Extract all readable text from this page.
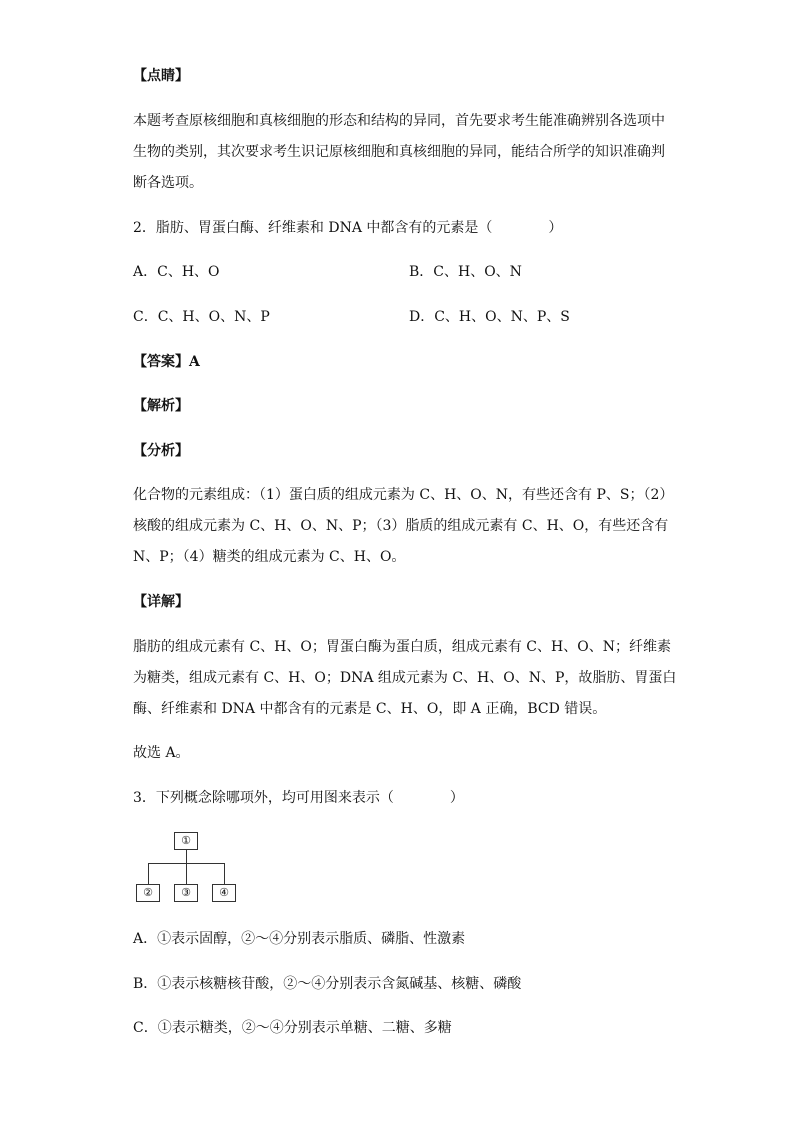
【点睛】
本题考查原核细胞和真核细胞的形态和结构的异同，首先要求考生能准确辨别各选项中
生物的类别，其次要求考生识记原核细胞和真核细胞的异同，能结合所学的知识准确判
断各选项。
2．脂肪、胃蛋白酶、纤维素和 DNA 中都含有的元素是（　　　　）
A．C、H、O	B．C、H、O、N
C．C、H、O、N、P	D．C、H、O、N、P、S
【答案】A
【解析】
【分析】
化合物的元素组成：（1）蛋白质的组成元素为 C、H、O、N，有些还含有 P、S；（2）
核酸的组成元素为 C、H、O、N、P；（3）脂质的组成元素有 C、H、O，有些还含有
N、P；（4）糖类的组成元素为 C、H、O。
【详解】
脂肪的组成元素有 C、H、O；胃蛋白酶为蛋白质，组成元素有 C、H、O、N；纤维素
为糖类，组成元素有 C、H、O；DNA 组成元素为 C、H、O、N、P，故脂肪、胃蛋白
酶、纤维素和 DNA 中都含有的元素是 C、H、O，即 A 正确，BCD 错误。
故选 A。
3．下列概念除哪项外，均可用图来表示（　　　　）
①
②	③	④
A．①表示固醇，②～④分别表示脂质、磷脂、性激素
B．①表示核糖核苷酸，②～④分别表示含氮碱基、核糖、磷酸
C．①表示糖类，②～④分别表示单糖、二糖、多糖
